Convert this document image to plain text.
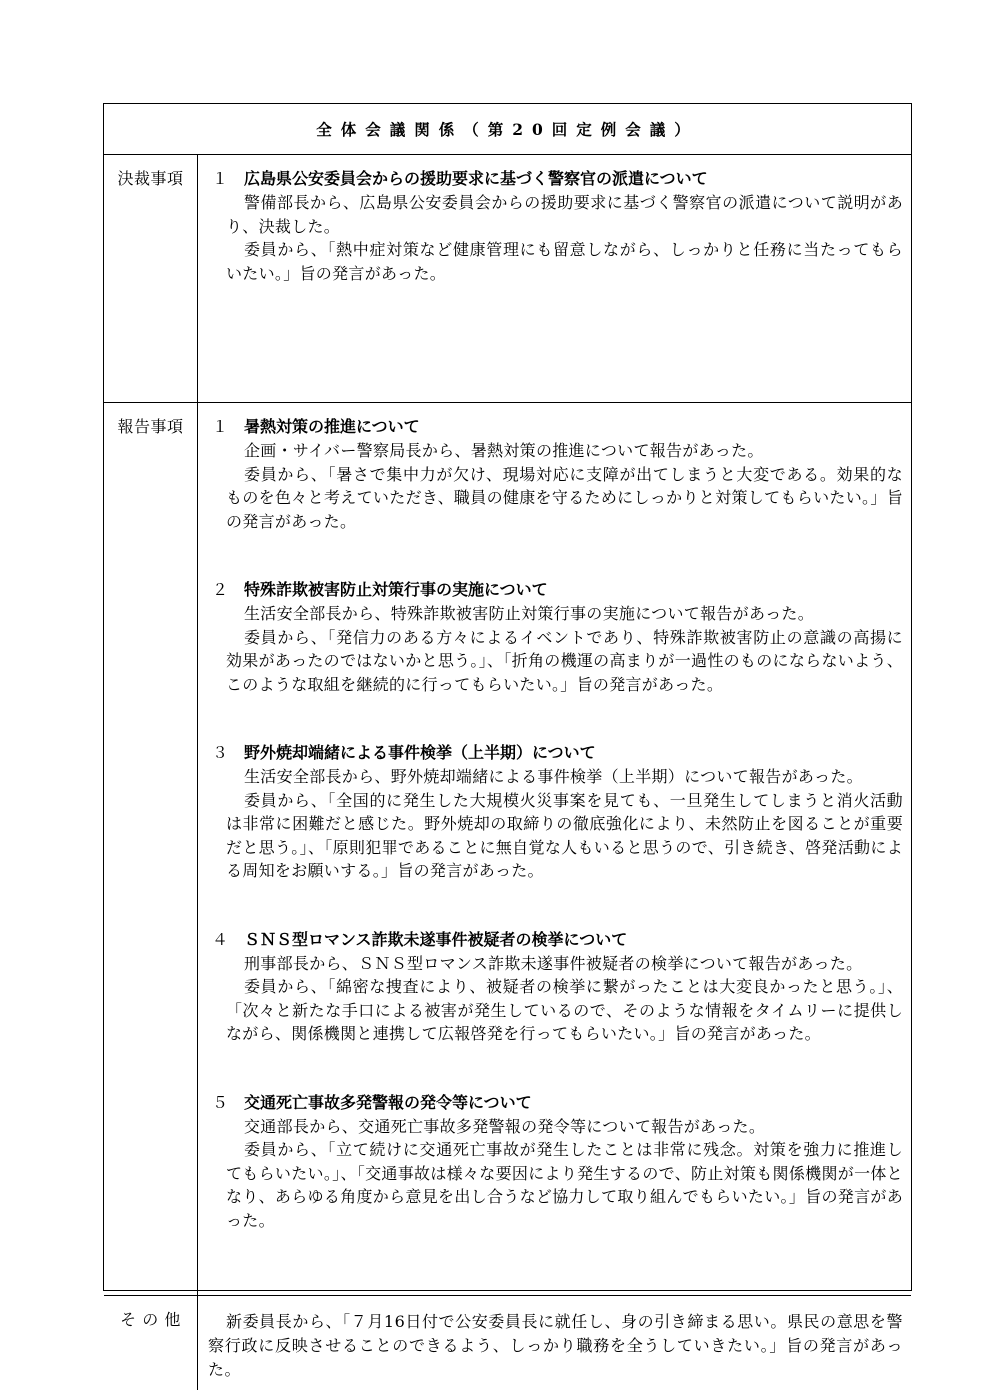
全体会議関係（第20回定例会議）
決裁事項	１ 広島県公安委員会からの援助要求に基づく警察官の派遣について
警備部長から、広島県公安委員会からの援助要求に基づく警察官の派遣について説明があり、決裁した。
委員から、「熱中症対策など健康管理にも留意しながら、しっかりと任務に当たってもらいたい。」旨の発言があった。
報告事項	１ 暑熱対策の推進について
企画・サイバー警察局長から、暑熱対策の推進について報告があった。
委員から、「暑さで集中力が欠け、現場対応に支障が出てしまうと大変である。効果的なものを色々と考えていただき、職員の健康を守るためにしっかりと対策してもらいたい。」旨の発言があった。
２ 特殊詐欺被害防止対策行事の実施について
生活安全部長から、特殊詐欺被害防止対策行事の実施について報告があった。
委員から、「発信力のある方々によるイベントであり、特殊詐欺被害防止の意識の高揚に効果があったのではないかと思う。」、「折角の機運の高まりが一過性のものにならないよう、このような取組を継続的に行ってもらいたい。」旨の発言があった。
３ 野外焼却端緒による事件検挙（上半期）について
生活安全部長から、野外焼却端緒による事件検挙（上半期）について報告があった。
委員から、「全国的に発生した大規模火災事案を見ても、一旦発生してしまうと消火活動は非常に困難だと感じた。野外焼却の取締りの徹底強化により、未然防止を図ることが重要だと思う。」、「原則犯罪であることに無自覚な人もいると思うので、引き続き、啓発活動による周知をお願いする。」旨の発言があった。
４ ＳＮＳ型ロマンス詐欺未遂事件被疑者の検挙について
刑事部長から、ＳＮＳ型ロマンス詐欺未遂事件被疑者の検挙について報告があった。
委員から、「綿密な捜査により、被疑者の検挙に繋がったことは大変良かったと思う。」、「次々と新たな手口による被害が発生しているので、そのような情報をタイムリーに提供しながら、関係機関と連携して広報啓発を行ってもらいたい。」旨の発言があった。
５ 交通死亡事故多発警報の発令等について
交通部長から、交通死亡事故多発警報の発令等について報告があった。
委員から、「立て続けに交通死亡事故が発生したことは非常に残念。対策を強力に推進してもらいたい。」、「交通事故は様々な要因により発生するので、防止対策も関係機関が一体となり、あらゆる角度から意見を出し合うなど協力して取り組んでもらいたい。」旨の発言があった。
そ の 他	新委員長から、「７月16日付で公安委員長に就任し、身の引き締まる思い。県民の意思を警察行政に反映させることのできるよう、しっかり職務を全うしていきたい。」旨の発言があった。
